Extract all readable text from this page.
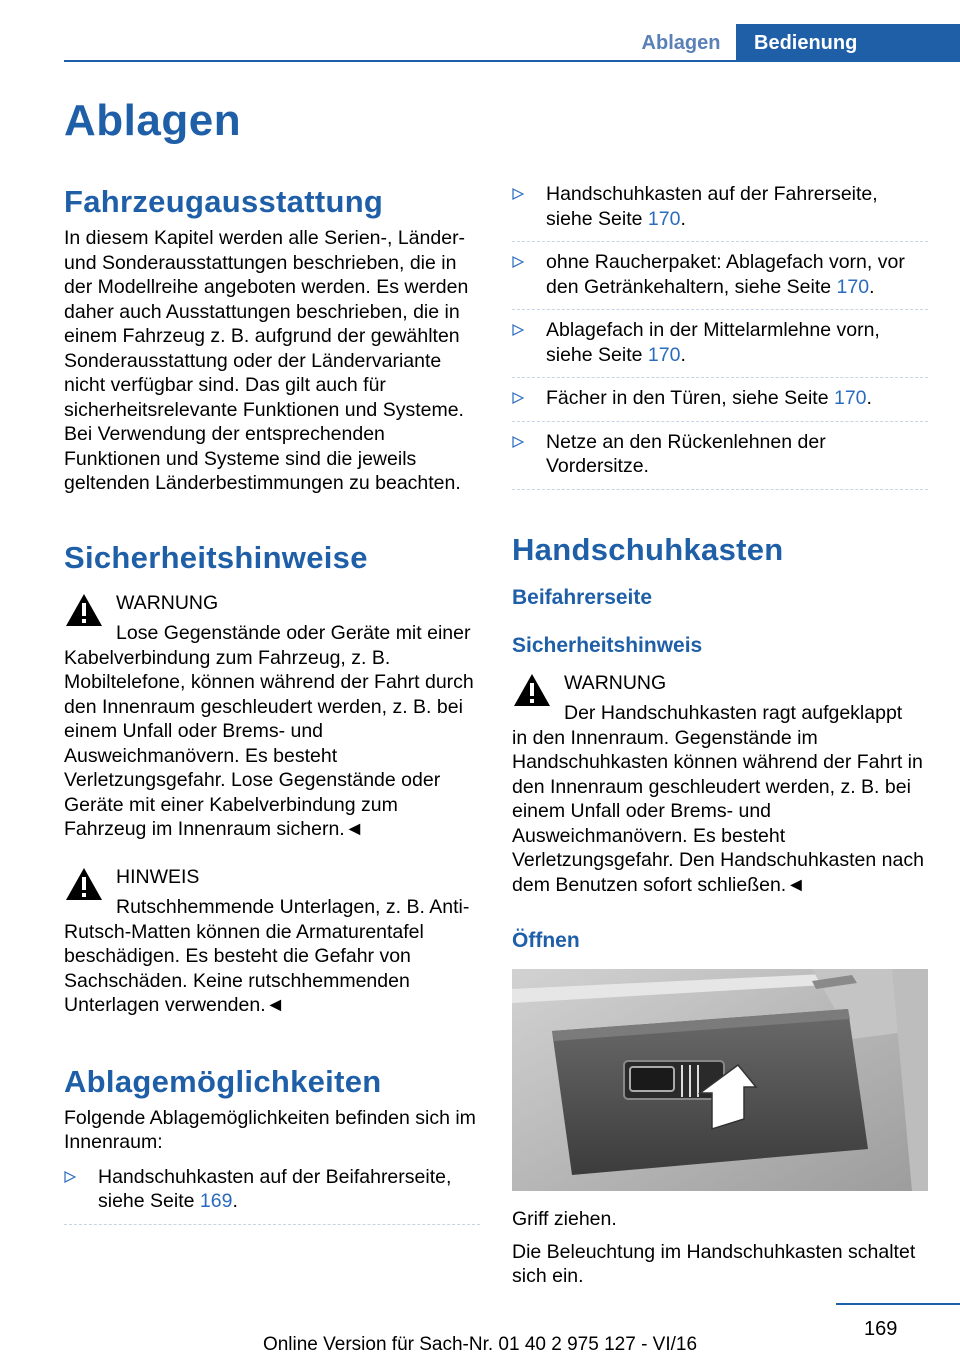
Ablagen	Bedienung
Ablagen
Fahrzeugausstattung

In diesem Kapitel werden alle Serien-, Länder- und Sonderausstattungen beschrieben, die in der Modellreihe angeboten werden. Es werden daher auch Ausstattungen beschrieben, die in einem Fahrzeug z. B. aufgrund der gewählten Sonderausstattung oder der Ländervariante nicht verfügbar sind. Das gilt auch für sicherheitsrelevante Funktionen und Systeme. Bei Verwendung der entsprechenden Funktionen und Systeme sind die jeweils geltenden Länderbestimmungen zu beachten.

Sicherheitshinweise
WARNUNG
Lose Gegenstände oder Geräte mit einer
Kabelverbindung zum Fahrzeug, z. B. Mobiltelefone, können während der Fahrt durch den Innenraum geschleudert werden, z. B. bei einem Unfall oder Brems- und Ausweichmanövern. Es besteht Verletzungsgefahr. Lose Gegenstände oder Geräte mit einer Kabelverbindung zum Fahrzeug im Innenraum sichern.◄
HINWEIS
Rutschhemmende Unterlagen, z. B. Anti-
Rutsch-Matten können die Armaturentafel beschädigen. Es besteht die Gefahr von Sachschäden. Keine rutschhemmenden Unterlagen verwenden.◄
Ablagemöglichkeiten

Folgende Ablagemöglichkeiten befinden sich im Innenraum:

Handschuhkasten auf der Beifahrerseite, siehe Seite 169.
Handschuhkasten auf der Fahrerseite, siehe Seite 170.
ohne Raucherpaket: Ablagefach vorn, vor den Getränkehaltern, siehe Seite 170.
Ablagefach in der Mittelarmlehne vorn, siehe Seite 170.
Fächer in den Türen, siehe Seite 170.
Netze an den Rückenlehnen der Vordersitze.
Handschuhkasten
Beifahrerseite
Sicherheitshinweis
WARNUNG
Der Handschuhkasten ragt aufgeklappt
in den Innenraum. Gegenstände im Handschuhkasten können während der Fahrt in den Innenraum geschleudert werden, z. B. bei einem Unfall oder Brems- und Ausweichmanövern. Es besteht Verletzungsgefahr. Den Handschuhkasten nach dem Benutzen sofort schließen.◄
Öffnen

Griff ziehen.

Die Beleuchtung im Handschuhkasten schaltet sich ein.

169
Online Version für Sach-Nr. 01 40 2 975 127 - VI/16
